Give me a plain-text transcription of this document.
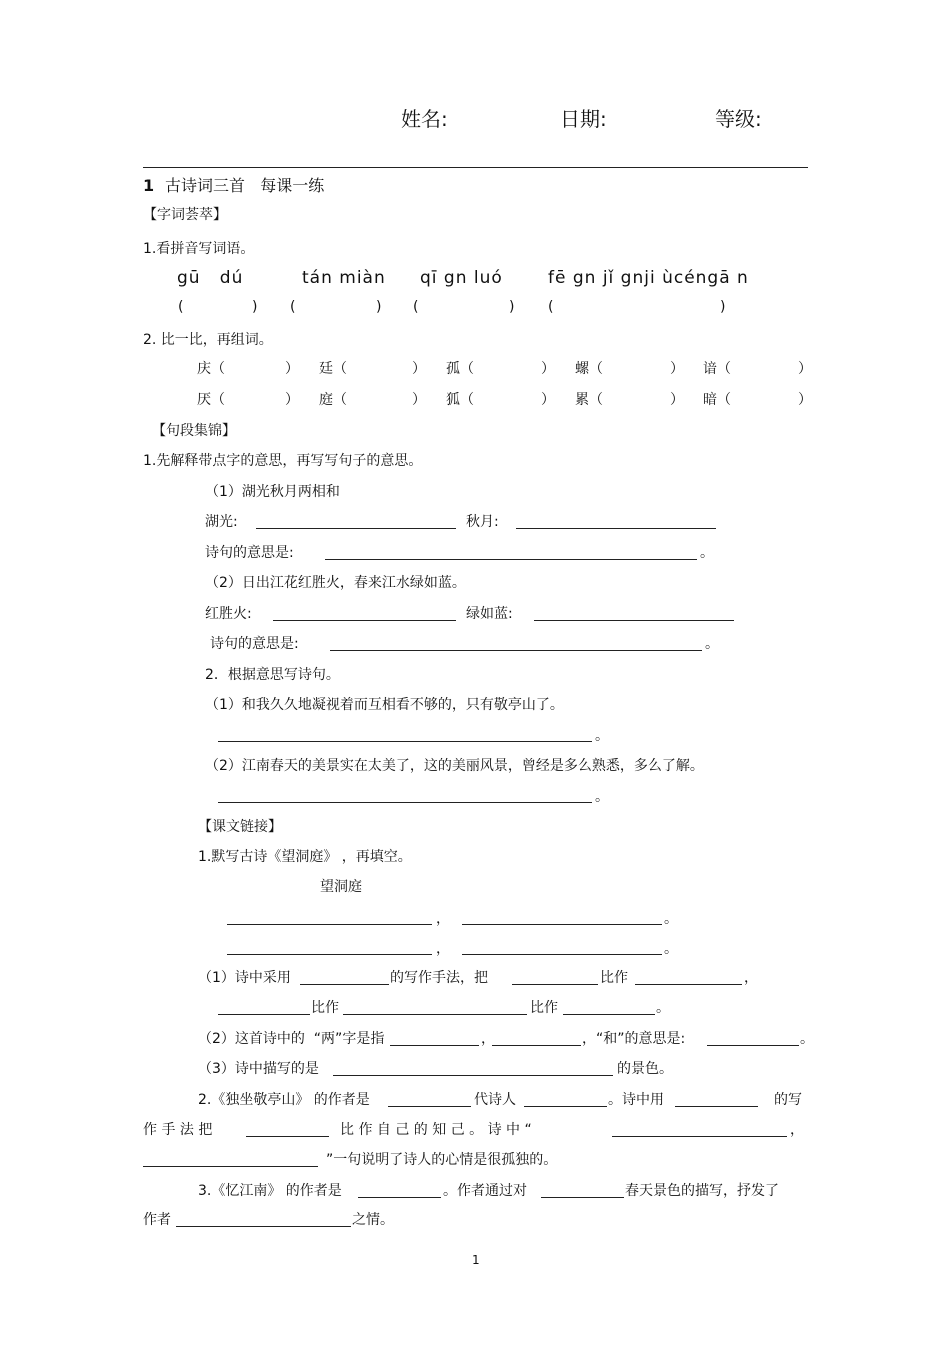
姓名:	日期:	等级:
1 古诗词三首   每课一练
【字词荟萃】
1.看拼音写词语。
gū   dú	tán miàn qī gn luó	fē gn jǐ gnji ùcéngā n
(	) (	) (	) (	)
2. 比一比，再组词。
庆（	） 廷（	） 孤（	） 螺（	） 谙（	）
厌（	） 庭（	） 狐（	） 累（	） 暗（	）
【句段集锦】
1.先解释带点字的意思，再写写句子的意思。
（1）湖光秋月两相和
湖光:	秋月:
诗句的意思是:	。
（2）日出江花红胜火，春来江水绿如蓝。
红胜火:	绿如蓝:
诗句的意思是:	。
2．根据意思写诗句。
（1）和我久久地凝视着而互相看不够的，只有敬亭山了。
。
（2）江南春天的美景实在太美了，这的美丽风景，曾经是多么熟悉，多么了解。
。
【课文链接】
1.默写古诗《望洞庭》 ，再填空。
望洞庭
，	。
，	。
（1）诗中采用	的写作手法，把	比作	，
比作	比作	。
（2）这首诗中的  “两”字是指	，	，“和”的意思是:	。
（3）诗中描写的是	的景色。
2.《独坐敬亭山》 的作者是	代诗人	。诗中用	的写
作 手 法 把	比 作 自 己 的 知 己 。 诗 中 “	，
”一句说明了诗人的心情是很孤独的。
3.《忆江南》 的作者是	。作者通过对	春天景色的描写，抒发了
作者	之情。
1
